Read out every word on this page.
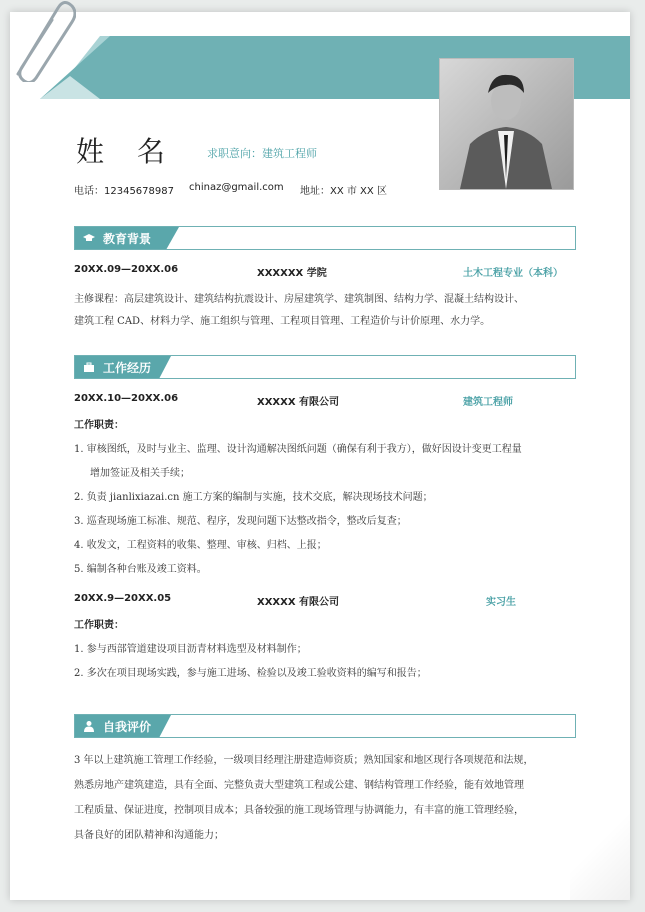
姓 名	求职意向：建筑工程师
电话：12345678987 chinaz@gmail.com 地址：XX 市 XX 区
教育背景
20XX.09—20XX.06	XXXXXX 学院	土木工程专业（本科）
主修课程：高层建筑设计、建筑结构抗震设计、房屋建筑学、建筑制图、结构力学、混凝土结构设计、
建筑工程 CAD、材料力学、施工组织与管理、工程项目管理、工程造价与计价原理、水力学。
工作经历
20XX.10—20XX.06	XXXXX 有限公司	建筑工程师
工作职责：
1. 审核图纸，及时与业主、监理、设计沟通解决图纸问题（确保有利于我方），做好因设计变更工程量
增加签证及相关手续；
2. 负责 jianlixiazai.cn 施工方案的编制与实施，技术交底，解决现场技术问题；
3. 巡查现场施工标准、规范、程序，发现问题下达整改指令，整改后复查；
4. 收发文，工程资料的收集、整理、审核、归档、上报；
5. 编制各种台账及竣工资料。
20XX.9—20XX.05	XXXXX 有限公司	实习生
工作职责：
1. 参与西部管道建设项目沥青材料选型及材料制作；
2. 多次在项目现场实践，参与施工进场、检验以及竣工验收资料的编写和报告；
自我评价
3 年以上建筑施工管理工作经验，一级项目经理注册建造师资质；熟知国家和地区现行各项规范和法规，
熟悉房地产建筑建造，具有全面、完整负责大型建筑工程或公建、钢结构管理工作经验，能有效地管理
工程质量、保证进度，控制项目成本；具备较强的施工现场管理与协调能力，有丰富的施工管理经验，
具备良好的团队精神和沟通能力；
